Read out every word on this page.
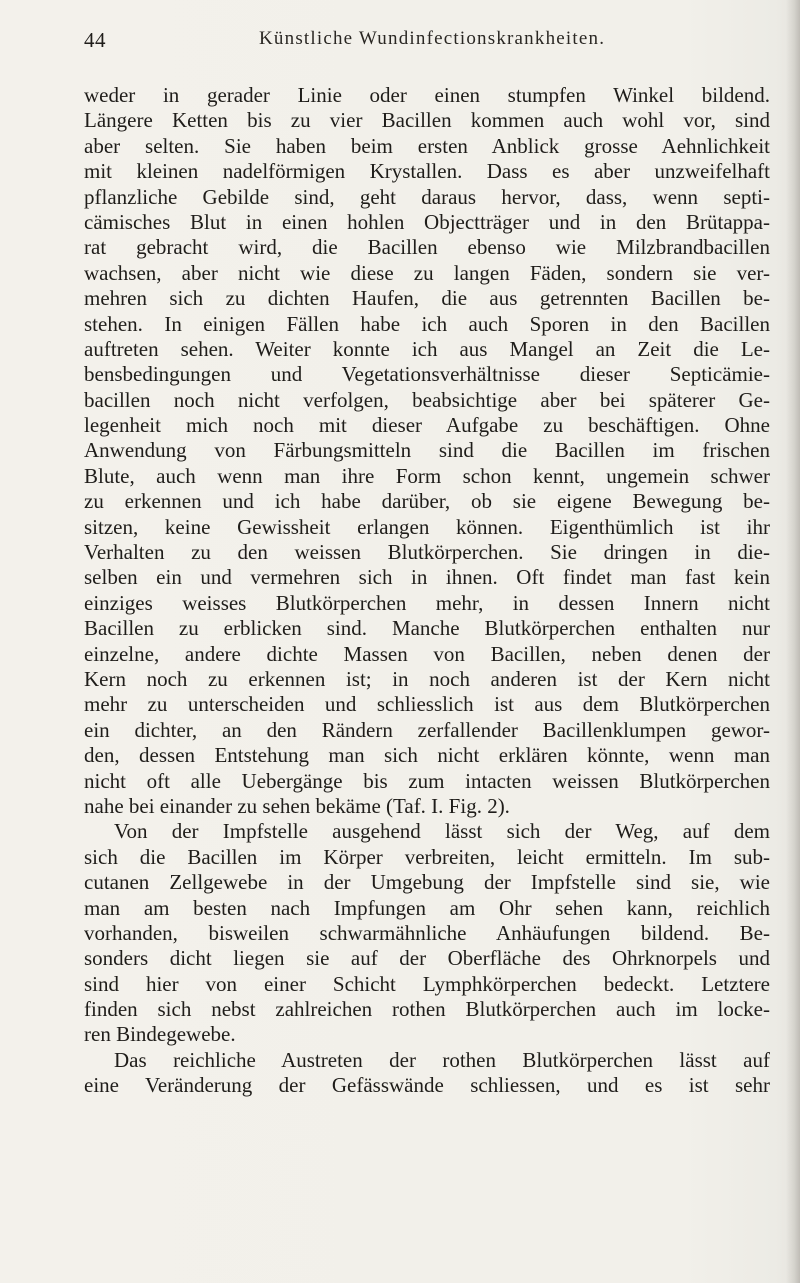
44	Künstliche Wundinfectionskrankheiten.
weder in gerader Linie oder einen stumpfen Winkel bildend.
Längere Ketten bis zu vier Bacillen kommen auch wohl vor, sind
aber selten. Sie haben beim ersten Anblick grosse Aehnlichkeit
mit kleinen nadelförmigen Krystallen. Dass es aber unzweifelhaft
pflanzliche Gebilde sind, geht daraus hervor, dass, wenn septi-
cämisches Blut in einen hohlen Objectträger und in den Brütappa-
rat gebracht wird, die Bacillen ebenso wie Milzbrandbacillen
wachsen, aber nicht wie diese zu langen Fäden, sondern sie ver-
mehren sich zu dichten Haufen, die aus getrennten Bacillen be-
stehen. In einigen Fällen habe ich auch Sporen in den Bacillen
auftreten sehen. Weiter konnte ich aus Mangel an Zeit die Le-
bensbedingungen und Vegetationsverhältnisse dieser Septicämie-
bacillen noch nicht verfolgen, beabsichtige aber bei späterer Ge-
legenheit mich noch mit dieser Aufgabe zu beschäftigen. Ohne
Anwendung von Färbungsmitteln sind die Bacillen im frischen
Blute, auch wenn man ihre Form schon kennt, ungemein schwer
zu erkennen und ich habe darüber, ob sie eigene Bewegung be-
sitzen, keine Gewissheit erlangen können. Eigenthümlich ist ihr
Verhalten zu den weissen Blutkörperchen. Sie dringen in die-
selben ein und vermehren sich in ihnen. Oft findet man fast kein
einziges weisses Blutkörperchen mehr, in dessen Innern nicht
Bacillen zu erblicken sind. Manche Blutkörperchen enthalten nur
einzelne, andere dichte Massen von Bacillen, neben denen der
Kern noch zu erkennen ist; in noch anderen ist der Kern nicht
mehr zu unterscheiden und schliesslich ist aus dem Blutkörperchen
ein dichter, an den Rändern zerfallender Bacillenklumpen gewor-
den, dessen Entstehung man sich nicht erklären könnte, wenn man
nicht oft alle Uebergänge bis zum intacten weissen Blutkörperchen
nahe bei einander zu sehen bekäme (Taf. I. Fig. 2).
Von der Impfstelle ausgehend lässt sich der Weg, auf dem
sich die Bacillen im Körper verbreiten, leicht ermitteln. Im sub-
cutanen Zellgewebe in der Umgebung der Impfstelle sind sie, wie
man am besten nach Impfungen am Ohr sehen kann, reichlich
vorhanden, bisweilen schwarmähnliche Anhäufungen bildend. Be-
sonders dicht liegen sie auf der Oberfläche des Ohrknorpels und
sind hier von einer Schicht Lymphkörperchen bedeckt. Letztere
finden sich nebst zahlreichen rothen Blutkörperchen auch im locke-
ren Bindegewebe.
Das reichliche Austreten der rothen Blutkörperchen lässt auf
eine Veränderung der Gefässwände schliessen, und es ist sehr
